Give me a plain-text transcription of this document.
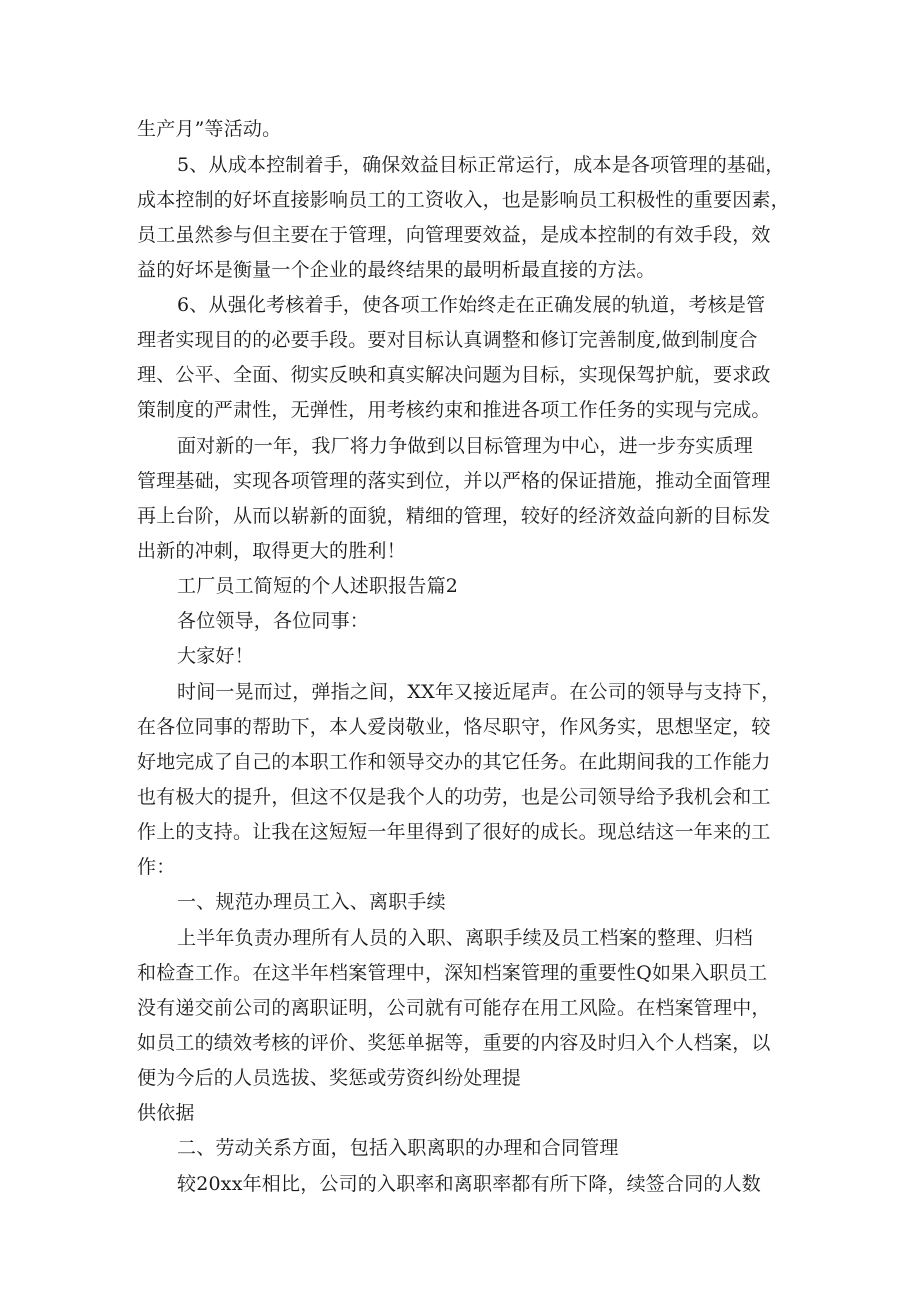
生产月”等活动。
5、从成本控制着手，确保效益目标正常运行，成本是各项管理的基础，
成本控制的好坏直接影响员工的工资收入，也是影响员工积极性的重要因素，
员工虽然参与但主要在于管理，向管理要效益，是成本控制的有效手段，效
益的好坏是衡量一个企业的最终结果的最明析最直接的方法。
6、从强化考核着手，使各项工作始终走在正确发展的轨道，考核是管
理者实现目的的必要手段。要对目标认真调整和修订完善制度,做到制度合
理、公平、全面、彻实反映和真实解决问题为目标，实现保驾护航，要求政
策制度的严肃性，无弹性，用考核约束和推进各项工作任务的实现与完成。
面对新的一年，我厂将力争做到以目标管理为中心，进一步夯实质理
管理基础，实现各项管理的落实到位，并以严格的保证措施，推动全面管理
再上台阶，从而以崭新的面貌，精细的管理，较好的经济效益向新的目标发
出新的冲刺，取得更大的胜利！
工厂员工简短的个人述职报告篇2
各位领导，各位同事：
大家好！
时间一晃而过，弹指之间，XX年又接近尾声。在公司的领导与支持下，
在各位同事的帮助下，本人爱岗敬业，恪尽职守，作风务实，思想坚定，较
好地完成了自己的本职工作和领导交办的其它任务。在此期间我的工作能力
也有极大的提升，但这不仅是我个人的功劳，也是公司领导给予我机会和工
作上的支持。让我在这短短一年里得到了很好的成长。现总结这一年来的工
作：
一、规范办理员工入、离职手续
上半年负责办理所有人员的入职、离职手续及员工档案的整理、归档
和检查工作。在这半年档案管理中，深知档案管理的重要性Q如果入职员工
没有递交前公司的离职证明，公司就有可能存在用工风险。在档案管理中，
如员工的绩效考核的评价、奖惩单据等，重要的内容及时归入个人档案，以
便为今后的人员选拔、奖惩或劳资纠纷处理提
供依据
二、劳动关系方面，包括入职离职的办理和合同管理
较20xx年相比，公司的入职率和离职率都有所下降，续签合同的人数
